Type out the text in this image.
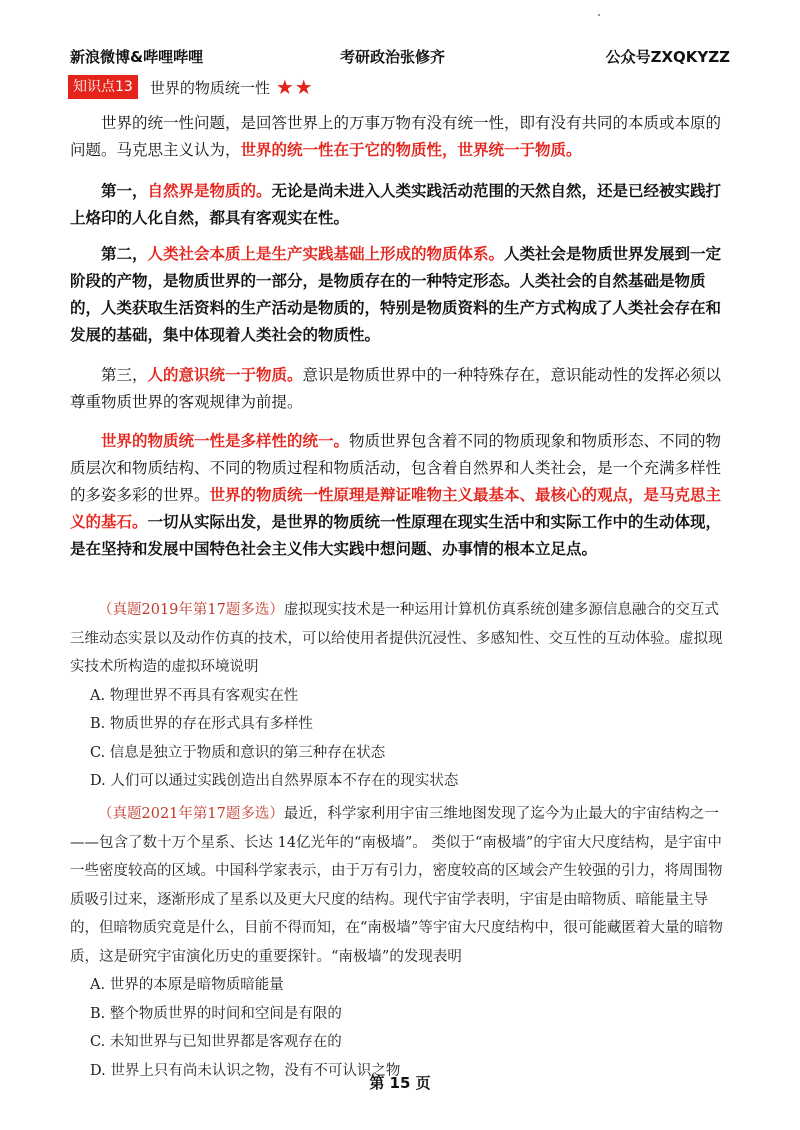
新浪微博&哔哩哔哩	考研政治张修齐	公众号ZXQKYZZ
知识点13	世界的物质统一性 ★★
世界的统一性问题，是回答世界上的万事万物有没有统一性，即有没有共同的本质或本原的问题。马克思主义认为，世界的统一性在于它的物质性，世界统一于物质。
第一，自然界是物质的。无论是尚未进入人类实践活动范围的天然自然，还是已经被实践打上烙印的人化自然，都具有客观实在性。
第二，人类社会本质上是生产实践基础上形成的物质体系。人类社会是物质世界发展到一定阶段的产物，是物质世界的一部分，是物质存在的一种特定形态。人类社会的自然基础是物质的，人类获取生活资料的生产活动是物质的，特别是物质资料的生产方式构成了人类社会存在和发展的基础，集中体现着人类社会的物质性。
第三，人的意识统一于物质。意识是物质世界中的一种特殊存在，意识能动性的发挥必须以尊重物质世界的客观规律为前提。
世界的物质统一性是多样性的统一。物质世界包含着不同的物质现象和物质形态、不同的物质层次和物质结构、不同的物质过程和物质活动，包含着自然界和人类社会，是一个充满多样性的多姿多彩的世界。世界的物质统一性原理是辩证唯物主义最基本、最核心的观点，是马克思主义的基石。一切从实际出发，是世界的物质统一性原理在现实生活中和实际工作中的生动体现，是在坚持和发展中国特色社会主义伟大实践中想问题、办事情的根本立足点。
（真题2019年第17题多选）虚拟现实技术是一种运用计算机仿真系统创建多源信息融合的交互式三维动态实景以及动作仿真的技术，可以给使用者提供沉浸性、多感知性、交互性的互动体验。虚拟现实技术所构造的虚拟环境说明
A. 物理世界不再具有客观实在性
B. 物质世界的存在形式具有多样性
C. 信息是独立于物质和意识的第三种存在状态
D. 人们可以通过实践创造出自然界原本不存在的现实状态
（真题2021年第17题多选）最近，科学家利用宇宙三维地图发现了迄今为止最大的宇宙结构之一——包含了数十万个星系、长达 14亿光年的“南极墙”。 类似于“南极墙”的宇宙大尺度结构，是宇宙中一些密度较高的区域。中国科学家表示，由于万有引力，密度较高的区域会产生较强的引力，将周围物质吸引过来，逐渐形成了星系以及更大尺度的结构。现代宇宙学表明，宇宙是由暗物质、暗能量主导的，但暗物质究竟是什么，目前不得而知，在“南极墙”等宇宙大尺度结构中，很可能藏匿着大量的暗物质，这是研究宇宙演化历史的重要探针。“南极墙”的发现表明
A. 世界的本原是暗物质暗能量
B. 整个物质世界的时间和空间是有限的
C. 未知世界与已知世界都是客观存在的
D. 世界上只有尚未认识之物，没有不可认识之物
第 15 页
